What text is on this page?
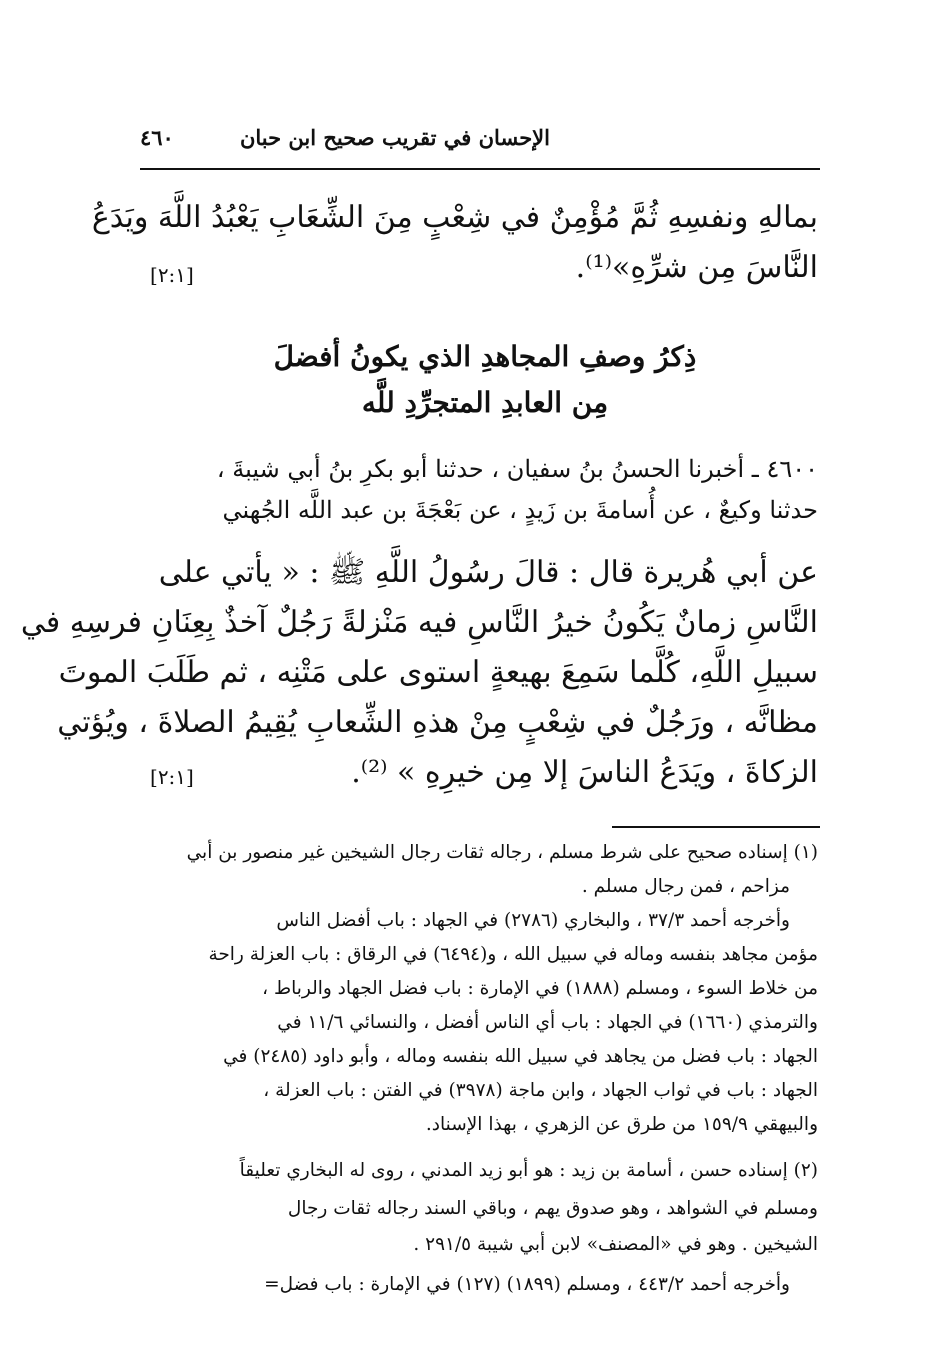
الإحسان في تقريب صحيح ابن حبان
٤٦٠
بمالهِ ونفسِهِ ثُمَّ مُؤْمِنٌ في شِعْبٍ مِنَ الشِّعَابِ يَعْبُدُ اللَّهَ ويَدَعُ
النَّاسَ مِن شرِّهِ»⁽¹⁾.
[٢:١]
ذِكرُ وصفِ المجاهدِ الذي يكونُ أفضلَ
مِن العابدِ المتجرِّدِ للَّه
٤٦٠٠ ـ أخبرنا الحسنُ بنُ سفيان ، حدثنا أبو بكرِ بنُ أبي شيبةَ ،
حدثنا وكيعٌ ، عن أُسامةَ بن زَيدٍ ، عن بَعْجَةَ بن عبد اللَّه الجُهني
عن أبي هُريرة قال : قالَ رسُولُ اللَّهِ ﷺ : « يأتي على
النَّاسِ زمانٌ يَكُونُ خيرُ النَّاسِ فيه مَنْزلةً رَجُلٌ آخذٌ بِعِنَانِ فرسِهِ في
سبيلِ اللَّهِ، كُلَّما سَمِعَ بهيعةٍ استوى على مَتْنِه ، ثم طَلَبَ الموتَ
مظانَّه ، ورَجُلٌ في شِعْبٍ مِنْ هذهِ الشِّعابِ يُقِيمُ الصلاةَ ، ويُؤتي
الزكاةَ ، ويَدَعُ الناسَ إلا مِن خيرِهِ » ⁽²⁾.
[٢:١]
(١) إسناده صحيح على شرط مسلم ، رجاله ثقات رجال الشيخين غير منصور بن أبي
مزاحم ، فمن رجال مسلم .
وأخرجه أحمد ٣٧/٣ ، والبخاري (٢٧٨٦) في الجهاد : باب أفضل الناس
مؤمن مجاهد بنفسه وماله في سبيل الله ، و(٦٤٩٤) في الرقاق : باب العزلة راحة
من خلاط السوء ، ومسلم (١٨٨٨) في الإمارة : باب فضل الجهاد والرباط ،
والترمذي (١٦٦٠) في الجهاد : باب أي الناس أفضل ، والنسائي ١١/٦ في
الجهاد : باب فضل من يجاهد في سبيل الله بنفسه وماله ، وأبو داود (٢٤٨٥) في
الجهاد : باب في ثواب الجهاد ، وابن ماجة (٣٩٧٨) في الفتن : باب العزلة ،
والبيهقي ١٥٩/٩ من طرق عن الزهري ، بهذا الإسناد.
(٢) إسناده حسن ، أسامة بن زيد : هو أبو زيد المدني ، روى له البخاري تعليقاً
ومسلم في الشواهد ، وهو صدوق يهم ، وباقي السند رجاله ثقات رجال
الشيخين . وهو في «المصنف» لابن أبي شيبة ٢٩١/٥ .
وأخرجه أحمد ٤٤٣/٢ ، ومسلم (١٨٩٩) (١٢٧) في الإمارة : باب فضل=
